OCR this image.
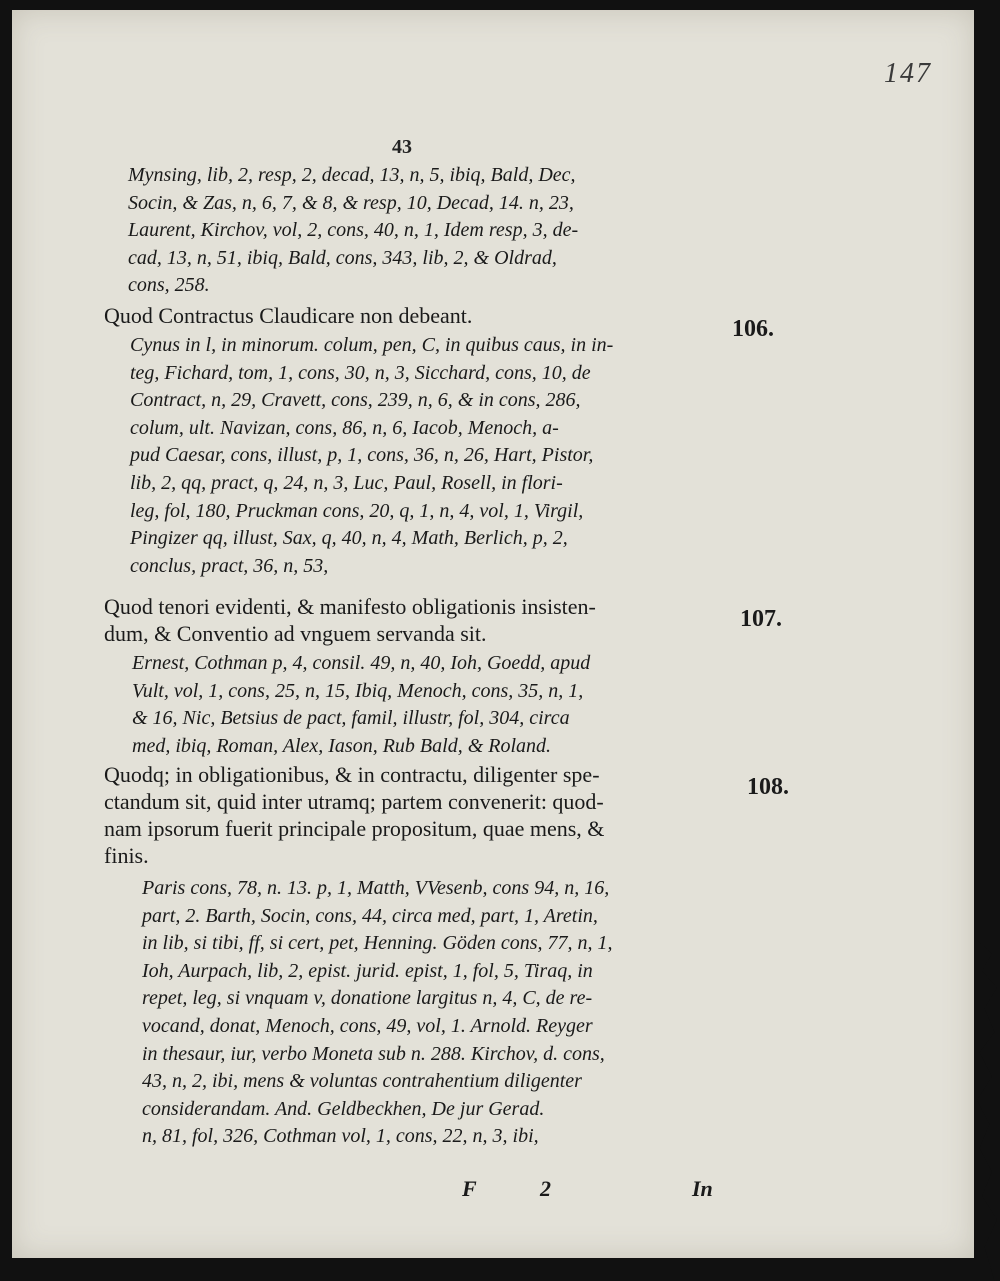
147
43
Mynsing, lib, 2, resp, 2, decad, 13, n, 5, ibiq, Bald, Dec,
Socin, & Zas, n, 6, 7, & 8, & resp, 10, Decad, 14. n, 23,
Laurent, Kirchov, vol, 2, cons, 40, n, 1, Idem resp, 3, de-
cad, 13, n, 51, ibiq, Bald, cons, 343, lib, 2, & Oldrad,
cons, 258.
Quod Contractus Claudicare non debeant.
106.
Cynus in l, in minorum. colum, pen, C, in quibus caus, in in-
teg, Fichard, tom, 1, cons, 30, n, 3, Sicchard, cons, 10, de
Contract, n, 29, Cravett, cons, 239, n, 6, & in cons, 286,
colum, ult. Navizan, cons, 86, n, 6, Iacob, Menoch, a-
pud Caesar, cons, illust, p, 1, cons, 36, n, 26, Hart, Pistor,
lib, 2, qq, pract, q, 24, n, 3, Luc, Paul, Rosell, in flori-
leg, fol, 180, Pruckman cons, 20, q, 1, n, 4, vol, 1, Virgil,
Pingizer qq, illust, Sax, q, 40, n, 4, Math, Berlich, p, 2,
conclus, pract, 36, n, 53,
Quod tenori evidenti, & manifesto obligationis insisten-
dum, & Conventio ad vnguem servanda sit.
107.
Ernest, Cothman p, 4, consil. 49, n, 40, Ioh, Goedd, apud
Vult, vol, 1, cons, 25, n, 15, Ibiq, Menoch, cons, 35, n, 1,
& 16, Nic, Betsius de pact, famil, illustr, fol, 304, circa
med, ibiq, Roman, Alex, Iason, Rub Bald, & Roland.
Quodq; in obligationibus, & in contractu, diligenter spe-
ctandum sit, quid inter utramq; partem convenerit: quod-
nam ipsorum fuerit principale propositum, quae mens, &
finis.
108.
Paris cons, 78, n. 13. p, 1, Matth, VVesenb, cons 94, n, 16,
part, 2. Barth, Socin, cons, 44, circa med, part, 1, Aretin,
in lib, si tibi, ff, si cert, pet, Henning. Göden cons, 77, n, 1,
Ioh, Aurpach, lib, 2, epist. jurid. epist, 1, fol, 5, Tiraq, in
repet, leg, si vnquam v, donatione largitus n, 4, C, de re-
vocand, donat, Menoch, cons, 49, vol, 1. Arnold. Reyger
in thesaur, iur, verbo Moneta sub n. 288. Kirchov, d. cons,
43, n, 2, ibi, mens & voluntas contrahentium diligenter
considerandam. And. Geldbeckhen, De jur Gerad.
n, 81, fol, 326, Cothman vol, 1, cons, 22, n, 3, ibi,
F	2	In
